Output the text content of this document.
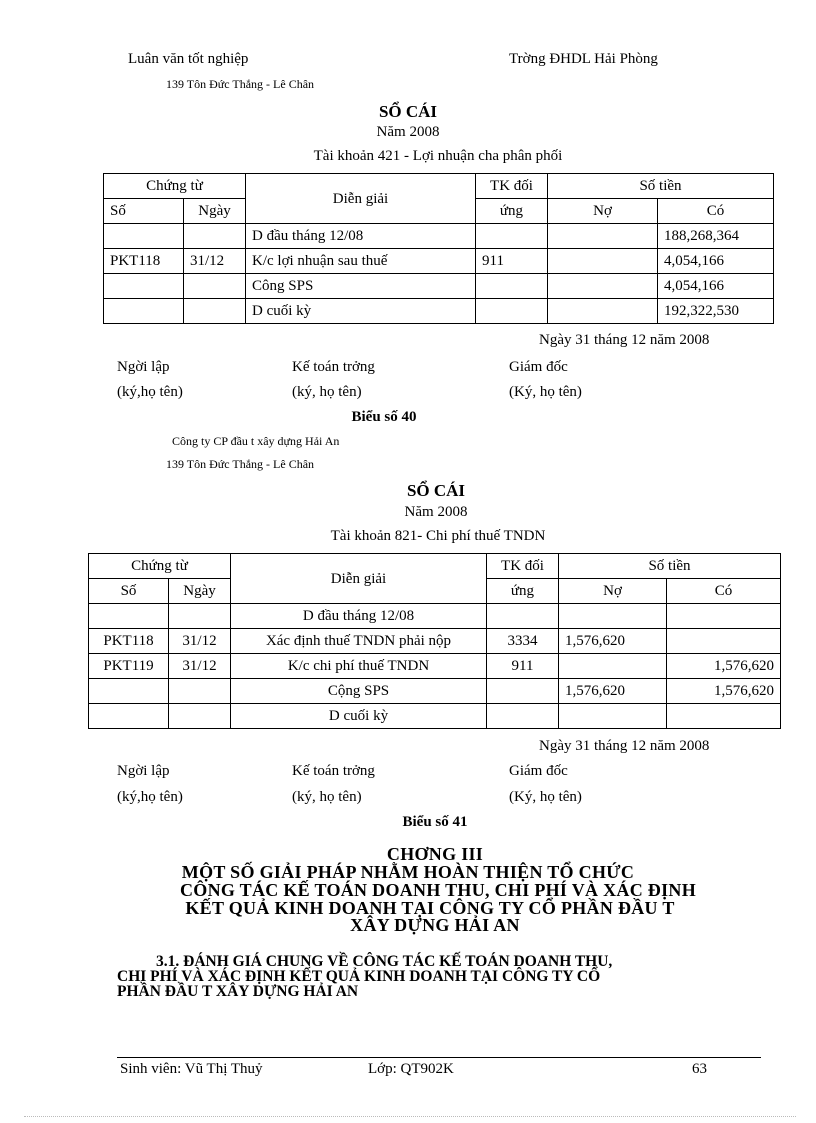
Luân văn tốt nghiệp	Trờng ĐHDL Hải Phòng
139 Tôn Đức Thắng - Lê Chân
SỔ CÁI
Năm 2008
Tài khoản 421 - Lợi nhuận cha phân phối
Chứng từ		Diễn giải	TK đối	Số tiền	
Số	Ngày		ứng	Nợ	Có
		D đầu tháng 12/08			188,268,364
PKT118	31/12	K/c lợi nhuận sau thuế	911		4,054,166
		Công SPS			4,054,166
		D cuối kỳ			192,322,530
Ngày 31 tháng 12 năm 2008
Ngời lập
(ký,họ tên)
Kế toán trởng
(ký, họ tên)
Giám đốc
(Ký, họ tên)
Biểu số 40
Công ty CP đầu t xây dựng Hải An
139 Tôn Đức Thắng - Lê Chân
SỔ CÁI
Năm 2008
Tài khoản 821- Chi phí thuế TNDN
Chứng từ		Diễn giải	TK đối	Số tiền	
Số	Ngày		ứng	Nợ	Có
		D đầu tháng 12/08			
PKT118	31/12	Xác định thuế TNDN phải nộp	3334	1,576,620	
PKT119	31/12	K/c chi phí thuế TNDN	911		1,576,620
		Cộng SPS		1,576,620	1,576,620
		D cuối kỳ			
Ngày 31 tháng 12 năm 2008
Ngời lập
(ký,họ tên)
Kế toán trởng
(ký, họ tên)
Giám đốc
(Ký, họ tên)
Biểu số 41
CHƠNG III
MỘT SỐ GIẢI PHÁP NHẰM HOÀN THIỆN TỔ CHỨC
CÔNG TÁC KẾ TOÁN DOANH THU, CHI PHÍ VÀ XÁC ĐỊNH
KẾT QUẢ KINH DOANH TẠI CÔNG TY CỔ PHẦN ĐẦU T
XÂY DỰNG HẢI AN
3.1. ĐÁNH GIÁ CHUNG VỀ CÔNG TÁC KẾ TOÁN DOANH THU,
CHI PHÍ VÀ XÁC ĐỊNH KẾT QUẢ KINH DOANH TẠI CÔNG TY CỔ
PHẦN ĐẦU T XÂY DỰNG HẢI AN
Sinh viên: Vũ Thị Thuỷ	Lớp: QT902K	63
